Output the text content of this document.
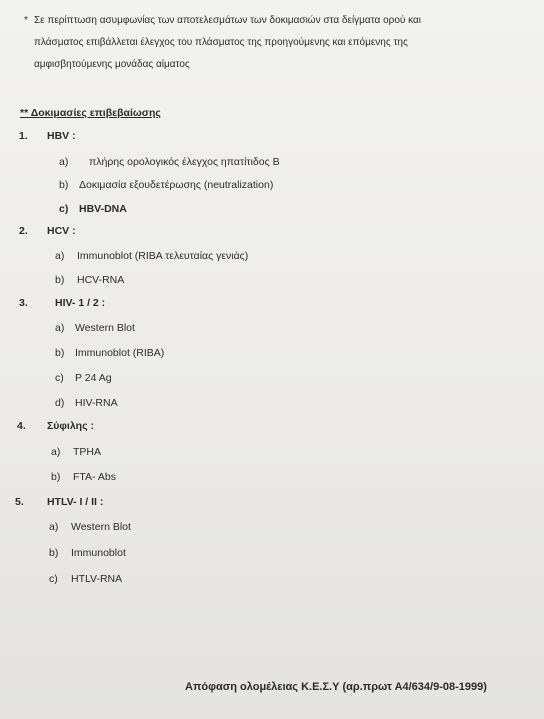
* Σε περίπτωση ασυμφωνίας των αποτελεσμάτων των δοκιμασιών στα δείγματα ορού και
πλάσματος επιβάλλεται έλεγχος του πλάσματος της προηγούμενης και επόμενης της
αμφισβητούμενης μονάδας αίματος
** Δοκιμασίες επιβεβαίωσης
1. HBV :
a) πλήρης ορολογικός έλεγχος ηπατίτιδος Β
b) Δοκιμασία εξουδετέρωσης (neutralization)
c) HBV-DNA
2. HCV :
a) Immunoblot (RIBA τελευταίας γενιάς)
b) HCV-RNA
3.	HIV- 1 / 2 :
a) Western Blot
b) Immunoblot (RIBA)
c) P 24 Ag
d) HIV-RNA
4. Σύφιλης :
a) TPHA
b) FTA- Abs
5. HTLV- I / II :
a) Western Blot
b) Immunoblot
c) HTLV-RNA
Απόφαση ολομέλειας Κ.Ε.Σ.Υ (αρ.πρωτ Α4/634/9-08-1999)
